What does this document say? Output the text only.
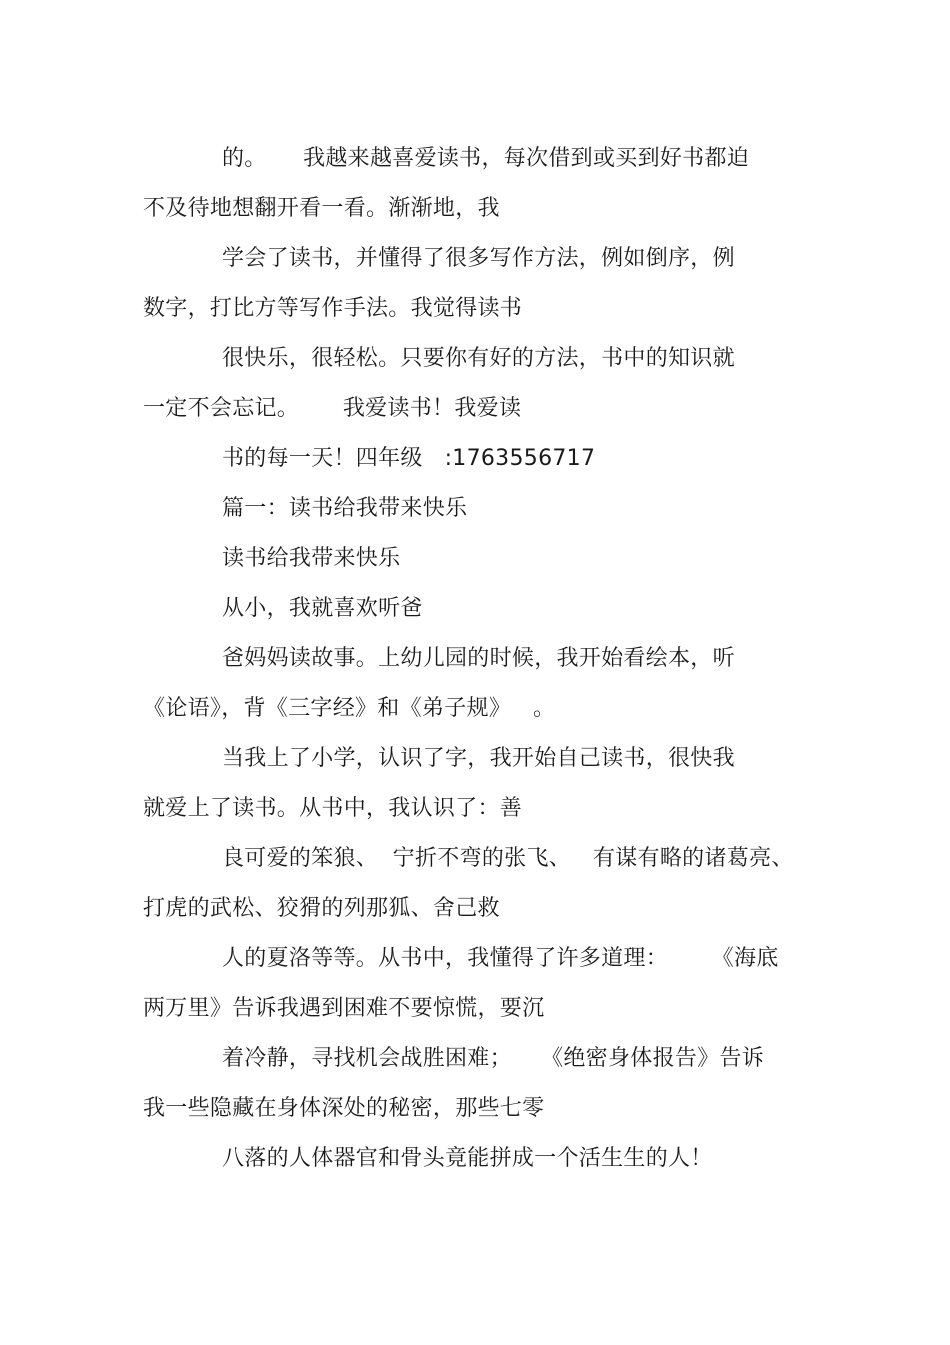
的。     我越来越喜爱读书，每次借到或买到好书都迫
不及待地想翻开看一看。渐渐地，我
学会了读书，并懂得了很多写作方法，例如倒序，例
数字，打比方等写作手法。我觉得读书
很快乐，很轻松。只要你有好的方法，书中的知识就
一定不会忘记。      我爱读书！我爱读
书的每一天！四年级   :1763556717
篇一：读书给我带来快乐
读书给我带来快乐
从小，我就喜欢听爸
爸妈妈读故事。上幼儿园的时候，我开始看绘本，听
《论语》，背《三字经》和《弟子规》   。
当我上了小学，认识了字，我开始自己读书，很快我
就爱上了读书。从书中，我认识了：善
良可爱的笨狼、  宁折不弯的张飞、   有谋有略的诸葛亮、
打虎的武松、狡猾的列那狐、舍己救
人的夏洛等等。从书中，我懂得了许多道理：      《海底
两万里》告诉我遇到困难不要惊慌，要沉
着冷静，寻找机会战胜困难；    《绝密身体报告》告诉
我一些隐藏在身体深处的秘密，那些七零
八落的人体器官和骨头竟能拼成一个活生生的人！
